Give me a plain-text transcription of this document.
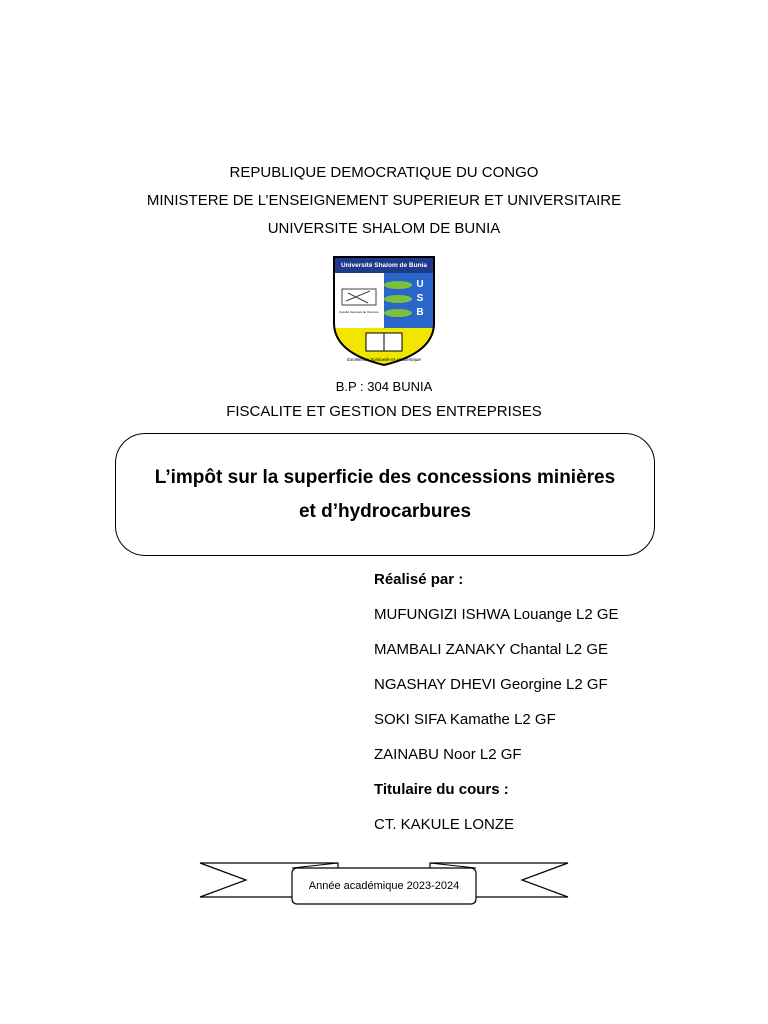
REPUBLIQUE DEMOCRATIQUE DU CONGO
MINISTERE DE L’ENSEIGNEMENT SUPERIEUR ET UNIVERSITAIRE
UNIVERSITE SHALOM DE BUNIA
Université Shalom de Bunia
U
S
B
Faculté Sciences de l'Homme
Excellence Spirituelle et Académique
B.P : 304 BUNIA
FISCALITE ET GESTION DES ENTREPRISES
L’impôt sur la superficie des concessions minières
et d’hydrocarbures
Réalisé par :
MUFUNGIZI ISHWA Louange L2 GE
MAMBALI ZANAKY Chantal L2 GE
NGASHAY DHEVI Georgine L2 GF
SOKI SIFA Kamathe L2 GF
ZAINABU Noor L2 GF
Titulaire du cours :
CT. KAKULE LONZE
Année académique 2023-2024
